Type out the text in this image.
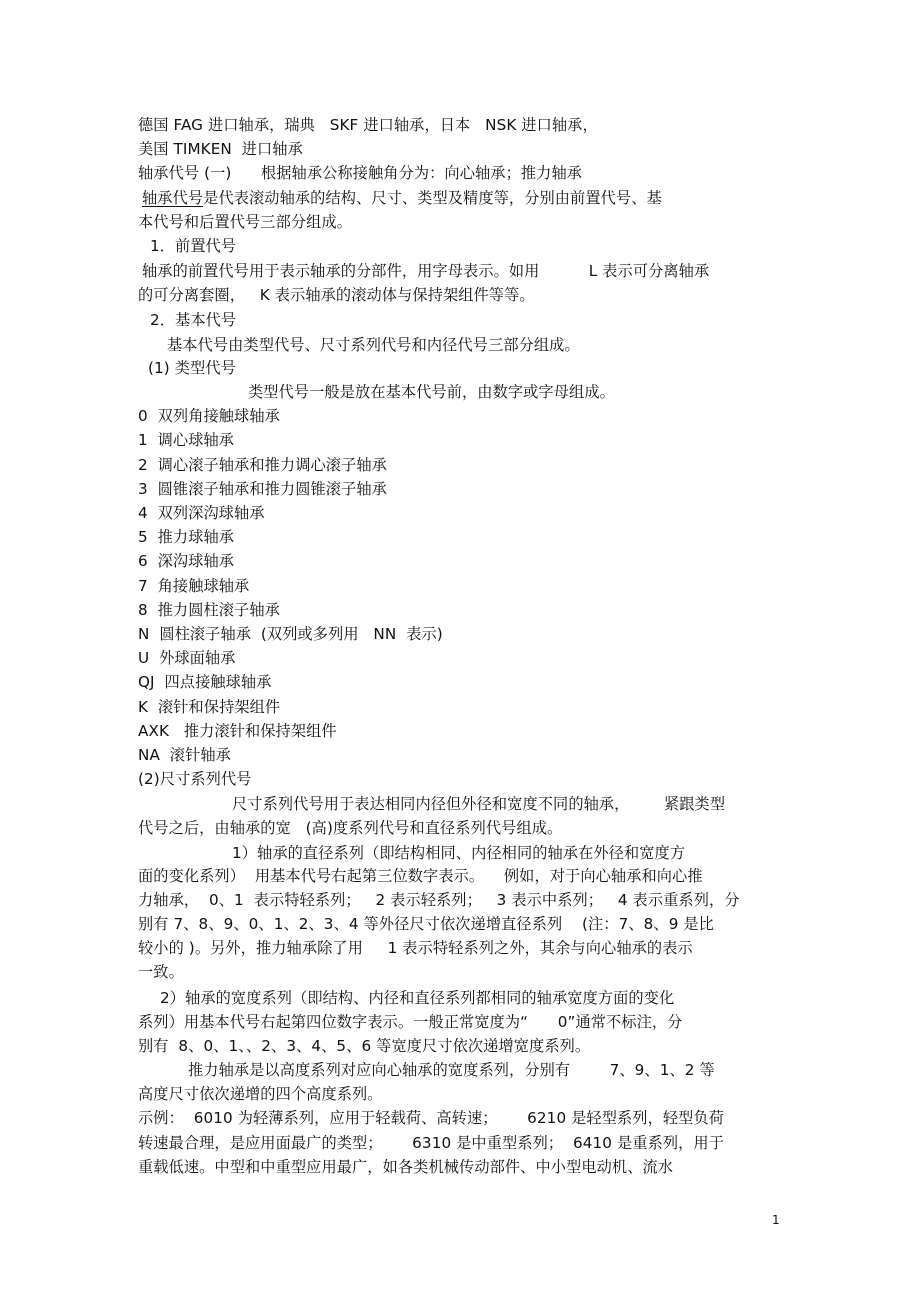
德国 FAG 进口轴承，瑞典   SKF 进口轴承，日本   NSK 进口轴承，
美国 TIMKEN  进口轴承
轴承代号 (一)      根据轴承公称接触角分为：向心轴承；推力轴承
轴承代号是代表滚动轴承的结构、尺寸、类型及精度等，分别由前置代号、基
本代号和后置代号三部分组成。
1．前置代号
轴承的前置代号用于表示轴承的分部件，用字母表示。如用          L 表示可分离轴承
的可分离套圈，   K 表示轴承的滚动体与保持架组件等等。
2．基本代号
基本代号由类型代号、尺寸系列代号和内径代号三部分组成。
(1) 类型代号
类型代号一般是放在基本代号前，由数字或字母组成。
0  双列角接触球轴承
1  调心球轴承
2  调心滚子轴承和推力调心滚子轴承
3  圆锥滚子轴承和推力圆锥滚子轴承
4  双列深沟球轴承
5  推力球轴承
6  深沟球轴承
7  角接触球轴承
8  推力圆柱滚子轴承
N  圆柱滚子轴承  (双列或多列用   NN  表示)
U  外球面轴承
QJ  四点接触球轴承
K  滚针和保持架组件
AXK   推力滚针和保持架组件
NA  滚针轴承
(2)尺寸系列代号
尺寸系列代号用于表达相同内径但外径和宽度不同的轴承，       紧跟类型
代号之后，由轴承的宽   (高)度系列代号和直径系列代号组成。
1）轴承的直径系列（即结构相同、内径相同的轴承在外径和宽度方
面的变化系列）  用基本代号右起第三位数字表示。    例如，对于向心轴承和向心推
力轴承，  0、1  表示特轻系列；   2 表示轻系列；   3 表示中系列；   4 表示重系列，分
别有 7、8、9、0、1、2、3、4 等外径尺寸依次递增直径系列    (注：7、8、9 是比
较小的 )。另外，推力轴承除了用     1 表示特轻系列之外，其余与向心轴承的表示
一致。
2）轴承的宽度系列（即结构、内径和直径系列都相同的轴承宽度方面的变化
系列）用基本代号右起第四位数字表示。一般正常宽度为“      0”通常不标注，分
别有  8、0、1、、2、3、4、5、6 等宽度尺寸依次递增宽度系列。
推力轴承是以高度系列对应向心轴承的宽度系列，分别有        7、9、1、2 等
高度尺寸依次递增的四个高度系列。
示例：  6010 为轻薄系列，应用于轻载荷、高转速；      6210 是轻型系列，轻型负荷
转速最合理，是应用面最广的类型；      6310 是中重型系列；  6410 是重系列，用于
重载低速。中型和中重型应用最广，如各类机械传动部件、中小型电动机、流水
1
